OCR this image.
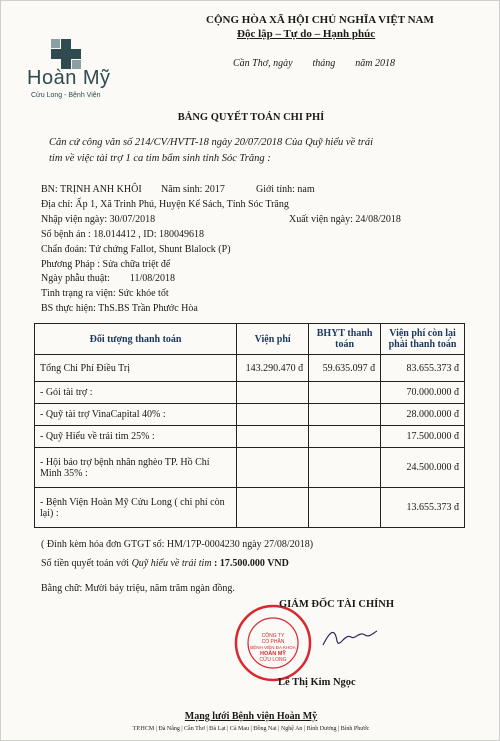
Hoàn Mỹ
Cửu Long - Bệnh Viện
CỘNG HÒA XÃ HỘI CHỦ NGHĨA VIỆT NAM
Độc lập – Tự do – Hạnh phúc
Cần Thơ, ngày        tháng        năm 2018
BẢNG QUYẾT TOÁN CHI PHÍ
Căn cứ công văn số 214/CV/HVTT-18 ngày 20/07/2018 Của Quỹ hiểu về trái
tim về việc tài trợ 1 ca tim bẩm sinh tỉnh Sóc Trăng :
BN: TRỊNH ANH KHÔI Năm sinh: 2017	Giới tính: nam
Địa chỉ: Ấp 1, Xã Trinh Phú, Huyện Kế Sách, Tỉnh Sóc Trăng
Nhập viện ngày: 30/07/2018	Xuất viện ngày: 24/08/2018
Số bệnh án : 18.014412 , ID: 180049618
Chẩn đoán: Tứ chứng Fallot, Shunt Blalock (P)
Phương Pháp : Sửa chữa triệt để
Ngày phẫu thuật:        11/08/2018
Tình trạng ra viện: Sức khỏe tốt
BS thực hiện: ThS.BS Trần Phước Hòa
Đối tượng thanh toán	Viện phí	BHYT thanh toán	Viện phí còn lại phải thanh toán
Tổng Chi Phí Điều Trị	143.290.470 đ	59.635.097 đ	83.655.373 đ
- Gói tài trợ :			70.000.000 đ
- Quỹ tài trợ VinaCapital 40% :			28.000.000 đ
- Quỹ Hiểu về trái tim 25% :			17.500.000 đ
- Hội bảo trợ bệnh nhân nghèo TP. Hồ Chí Minh 35% :			24.500.000 đ
- Bệnh Viện Hoàn Mỹ Cửu Long ( chi phí còn lại) :			13.655.373 đ
( Đính kèm hóa đơn GTGT số: HM/17P-0004230 ngày 27/08/2018)
Số tiền quyết toán với Quỹ hiểu về trái tim : 17.500.000 VND
Bằng chữ: Mười bảy triệu, năm trăm ngàn đồng.
CÔNG TY
CỔ PHẦN
BỆNH VIỆN ĐA KHOA
HOÀN MỸ
CỬU LONG
GIÁM ĐỐC TÀI CHÍNH
Lê Thị Kim Ngọc
Mạng lưới Bệnh viện Hoàn Mỹ
TP.HCM | Đà Nẵng | Cần Thơ | Đà Lạt | Cà Mau | Đồng Nai | Nghệ An | Bình Dương | Bình Phước
